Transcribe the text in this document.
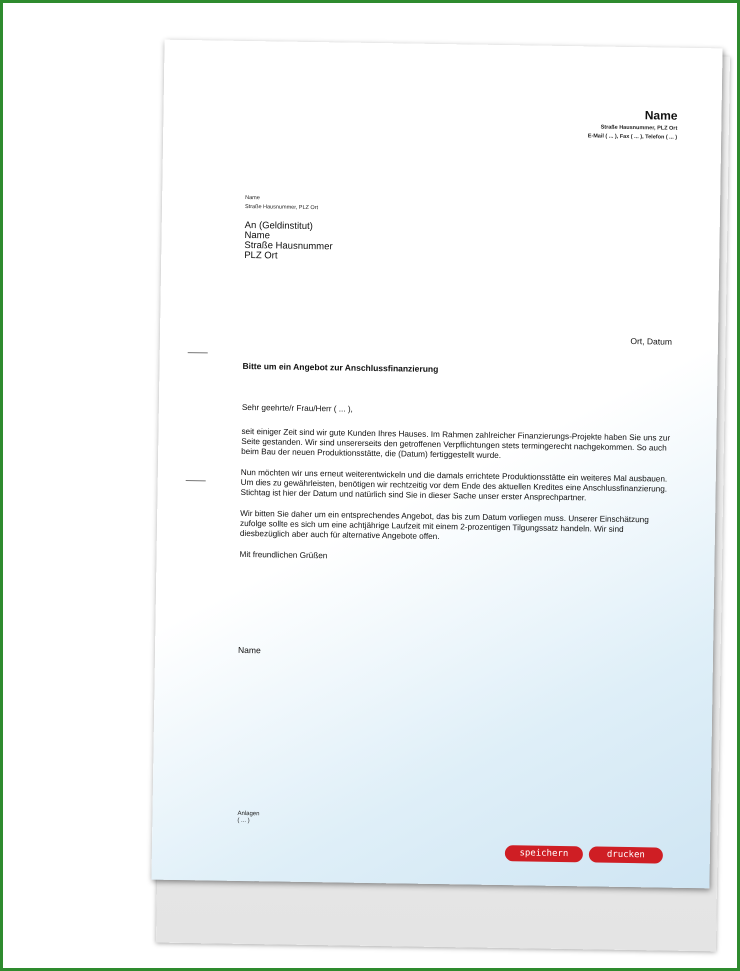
Name
Straße Hausnummer, PLZ Ort
E-Mail ( ... ), Fax ( ... ), Telefon ( ... )
Name
Straße Hausnummer, PLZ Ort
An (Geldinstitut)
Name
Straße Hausnummer
PLZ Ort
Ort, Datum
Bitte um ein Angebot zur Anschlussfinanzierung

Sehr geehrte/r Frau/Herr ( ... ),

seit einiger Zeit sind wir gute Kunden Ihres Hauses. Im Rahmen zahlreicher Finanzierungs-Projekte haben Sie uns zur Seite gestanden. Wir sind unsererseits den getroffenen Verpflichtungen stets termingerecht nachgekommen. So auch beim Bau der neuen Produktionsstätte, die (Datum) fertiggestellt wurde.

Nun möchten wir uns erneut weiterentwickeln und die damals errichtete Produktionsstätte ein weiteres Mal ausbauen. Um dies zu gewährleisten, benötigen wir rechtzeitig vor dem Ende des aktuellen Kredites eine Anschlussfinanzierung. Stichtag ist hier der Datum und natürlich sind Sie in dieser Sache unser erster Ansprechpartner.

Wir bitten Sie daher um ein entsprechendes Angebot, das bis zum Datum vorliegen muss. Unserer Einschätzung zufolge sollte es sich um eine achtjährige Laufzeit mit einem 2-prozentigen Tilgungssatz handeln. Wir sind diesbezüglich aber auch für alternative Angebote offen.

Mit freundlichen Grüßen

Name
Anlagen
( ... )
speichern	drucken
